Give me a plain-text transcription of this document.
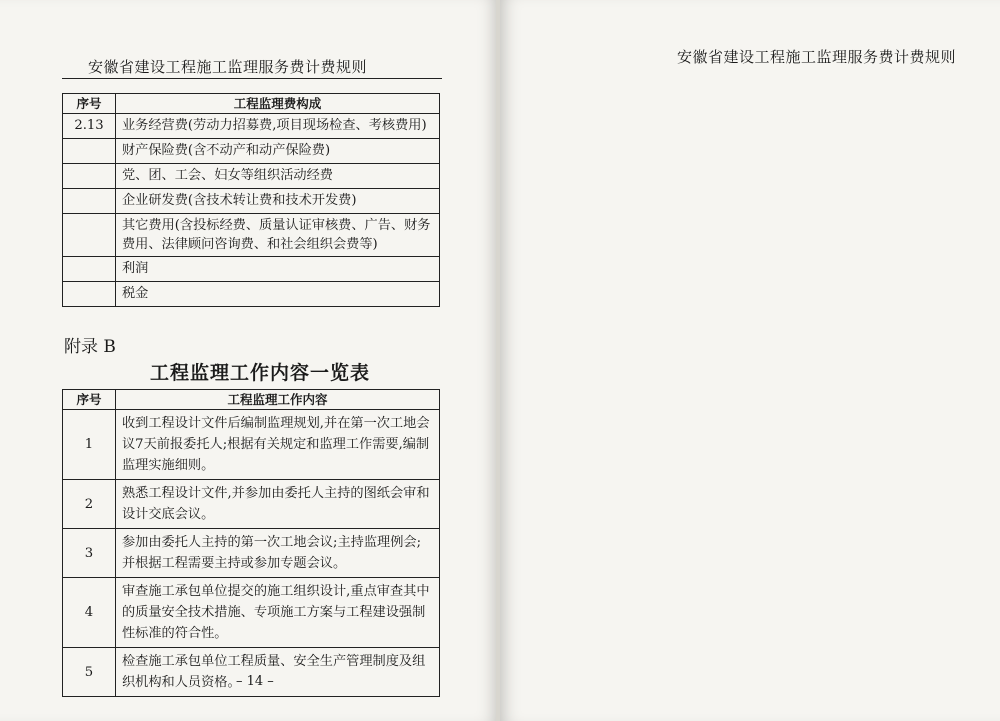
安徽省建设工程施工监理服务费计费规则
序号	工程监理费构成
2.13	业务经营费(劳动力招募费,项目现场检查、考核费用)
	财产保险费(含不动产和动产保险费)
	党、团、工会、妇女等组织活动经费
	企业研发费(含技术转让费和技术开发费)
	其它费用(含投标经费、质量认证审核费、广告、财务费用、法律顾问咨询费、和社会组织会费等)
	利润
	税金
附录 B
工程监理工作内容一览表
序号	工程监理工作内容
1	收到工程设计文件后编制监理规划,并在第一次工地会议7天前报委托人;根据有关规定和监理工作需要,编制监理实施细则。
2	熟悉工程设计文件,并参加由委托人主持的图纸会审和设计交底会议。
3	参加由委托人主持的第一次工地会议;主持监理例会;并根据工程需要主持或参加专题会议。
4	审查施工承包单位提交的施工组织设计,重点审查其中的质量安全技术措施、专项施工方案与工程建设强制性标准的符合性。
5	检查施工承包单位工程质量、安全生产管理制度及组织机构和人员资格。
– 14 –
安徽省建设工程施工监理服务费计费规则
